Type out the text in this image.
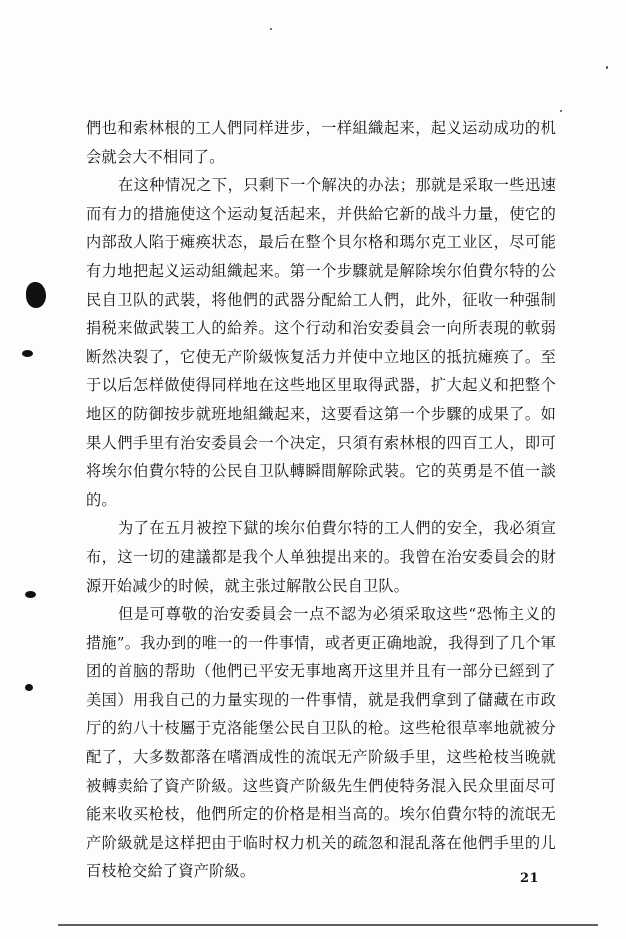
們也和索林根的工人們同样进步，一样組織起来，起义运动成功的机会就会大不相同了。

在这种情况之下，只剩下一个解决的办法；那就是采取一些迅速而有力的措施使这个运动复活起来，并供給它新的战斗力量，使它的内部敌人陷于瘫痪状态，最后在整个貝尔格和瑪尔克工业区，尽可能有力地把起义运动組織起来。第一个步驟就是解除埃尔伯費尔特的公民自卫队的武裝，将他們的武器分配給工人們，此外，征收一种强制捐税来做武裝工人的給养。这个行动和治安委員会一向所表現的軟弱断然决裂了，它使无产阶級恢复活力并使中立地区的抵抗瘫痪了。至于以后怎样做使得同样地在这些地区里取得武器，扩大起义和把整个地区的防御按步就班地組織起来，这要看这第一个步驟的成果了。如果人們手里有治安委員会一个决定，只須有索林根的四百工人，即可将埃尔伯費尔特的公民自卫队轉瞬間解除武裝。它的英勇是不值一談的。

为了在五月被控下獄的埃尔伯費尔特的工人們的安全，我必須宣布，这一切的建議都是我个人单独提出来的。我曾在治安委員会的財源开始减少的时候，就主张过解散公民自卫队。

但是可尊敬的治安委員会一点不認为必須采取这些“恐怖主义的措施”。我办到的唯一的一件事情，或者更正确地說，我得到了几个軍团的首脑的帮助（他們已平安无事地离开这里并且有一部分已經到了美国）用我自己的力量实现的一件事情，就是我們拿到了儲藏在市政厅的約八十枝屬于克洛能堡公民自卫队的枪。这些枪很草率地就被分配了，大多数都落在嗜酒成性的流氓无产阶級手里，这些枪枝当晚就被轉卖給了資产阶級。这些資产阶級先生們使特务混入民众里面尽可能来收买枪枝，他們所定的价格是相当高的。埃尔伯費尔特的流氓无产阶級就是这样把由于临时权力机关的疏忽和混乱落在他們手里的儿百枝枪交給了資产阶級。	21
